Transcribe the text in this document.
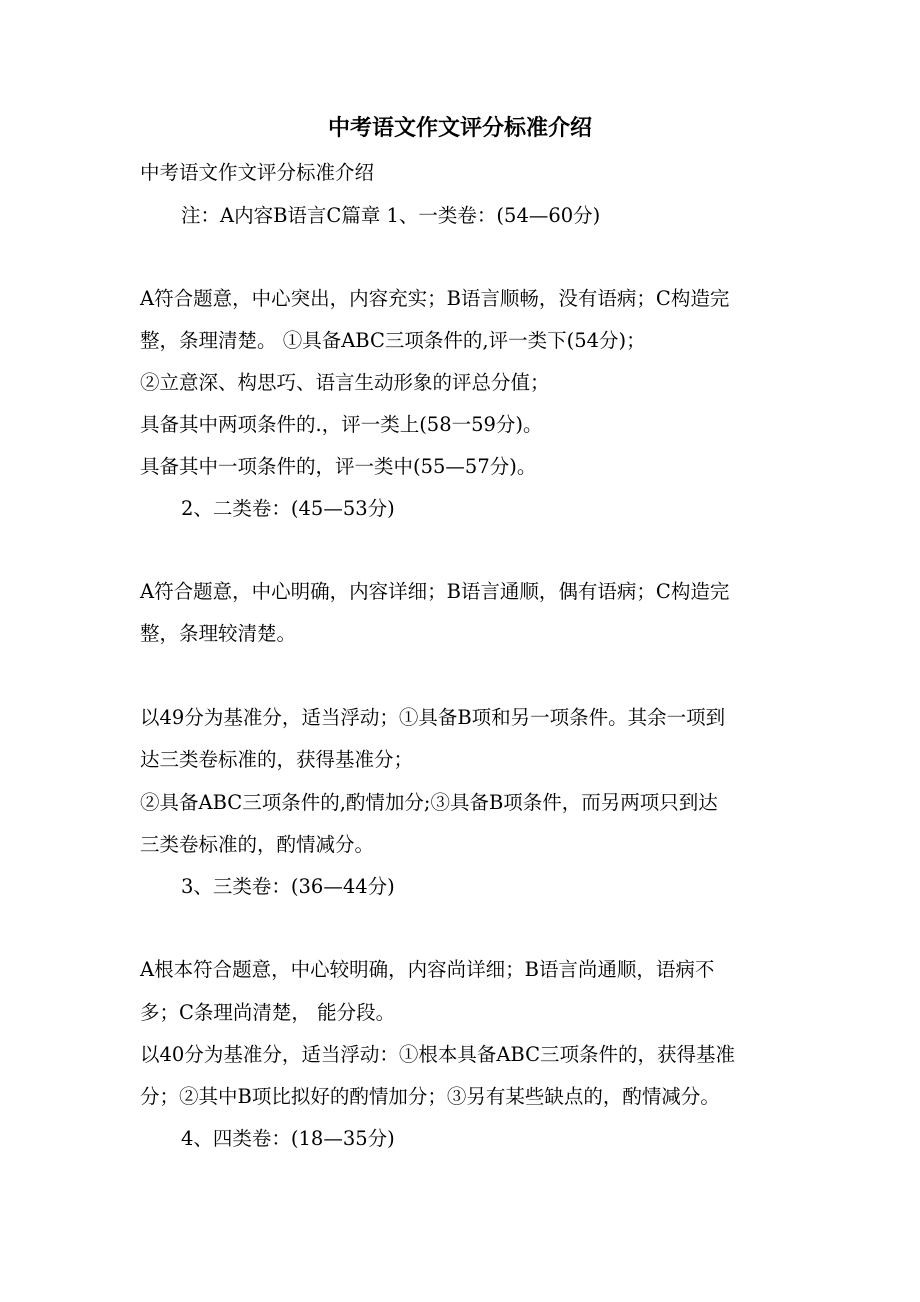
中考语文作文评分标准介绍
中考语文作文评分标准介绍
注：A内容B语言C篇章 1、一类卷：(54—60分)
A符合题意，中心突出，内容充实；B语言顺畅，没有语病；C构造完
整，条理清楚。 ①具备ABC三项条件的,评一类下(54分)；
②立意深、构思巧、语言生动形象的评总分值；
具备其中两项条件的.，评一类上(58一59分)。
具备其中一项条件的，评一类中(55—57分)。
2、二类卷：(45—53分)
A符合题意，中心明确，内容详细；B语言通顺，偶有语病；C构造完
整，条理较清楚。
以49分为基准分，适当浮动；①具备B项和另一项条件。其余一项到
达三类卷标准的，获得基准分；
②具备ABC三项条件的,酌情加分;③具备B项条件，而另两项只到达
三类卷标准的，酌情减分。
3、三类卷：(36—44分)
A根本符合题意，中心较明确，内容尚详细；B语言尚通顺，语病不
多；C条理尚清楚， 能分段。
以40分为基准分，适当浮动：①根本具备ABC三项条件的，获得基准
分；②其中B项比拟好的酌情加分；③另有某些缺点的，酌情减分。
4、四类卷：(18—35分)
